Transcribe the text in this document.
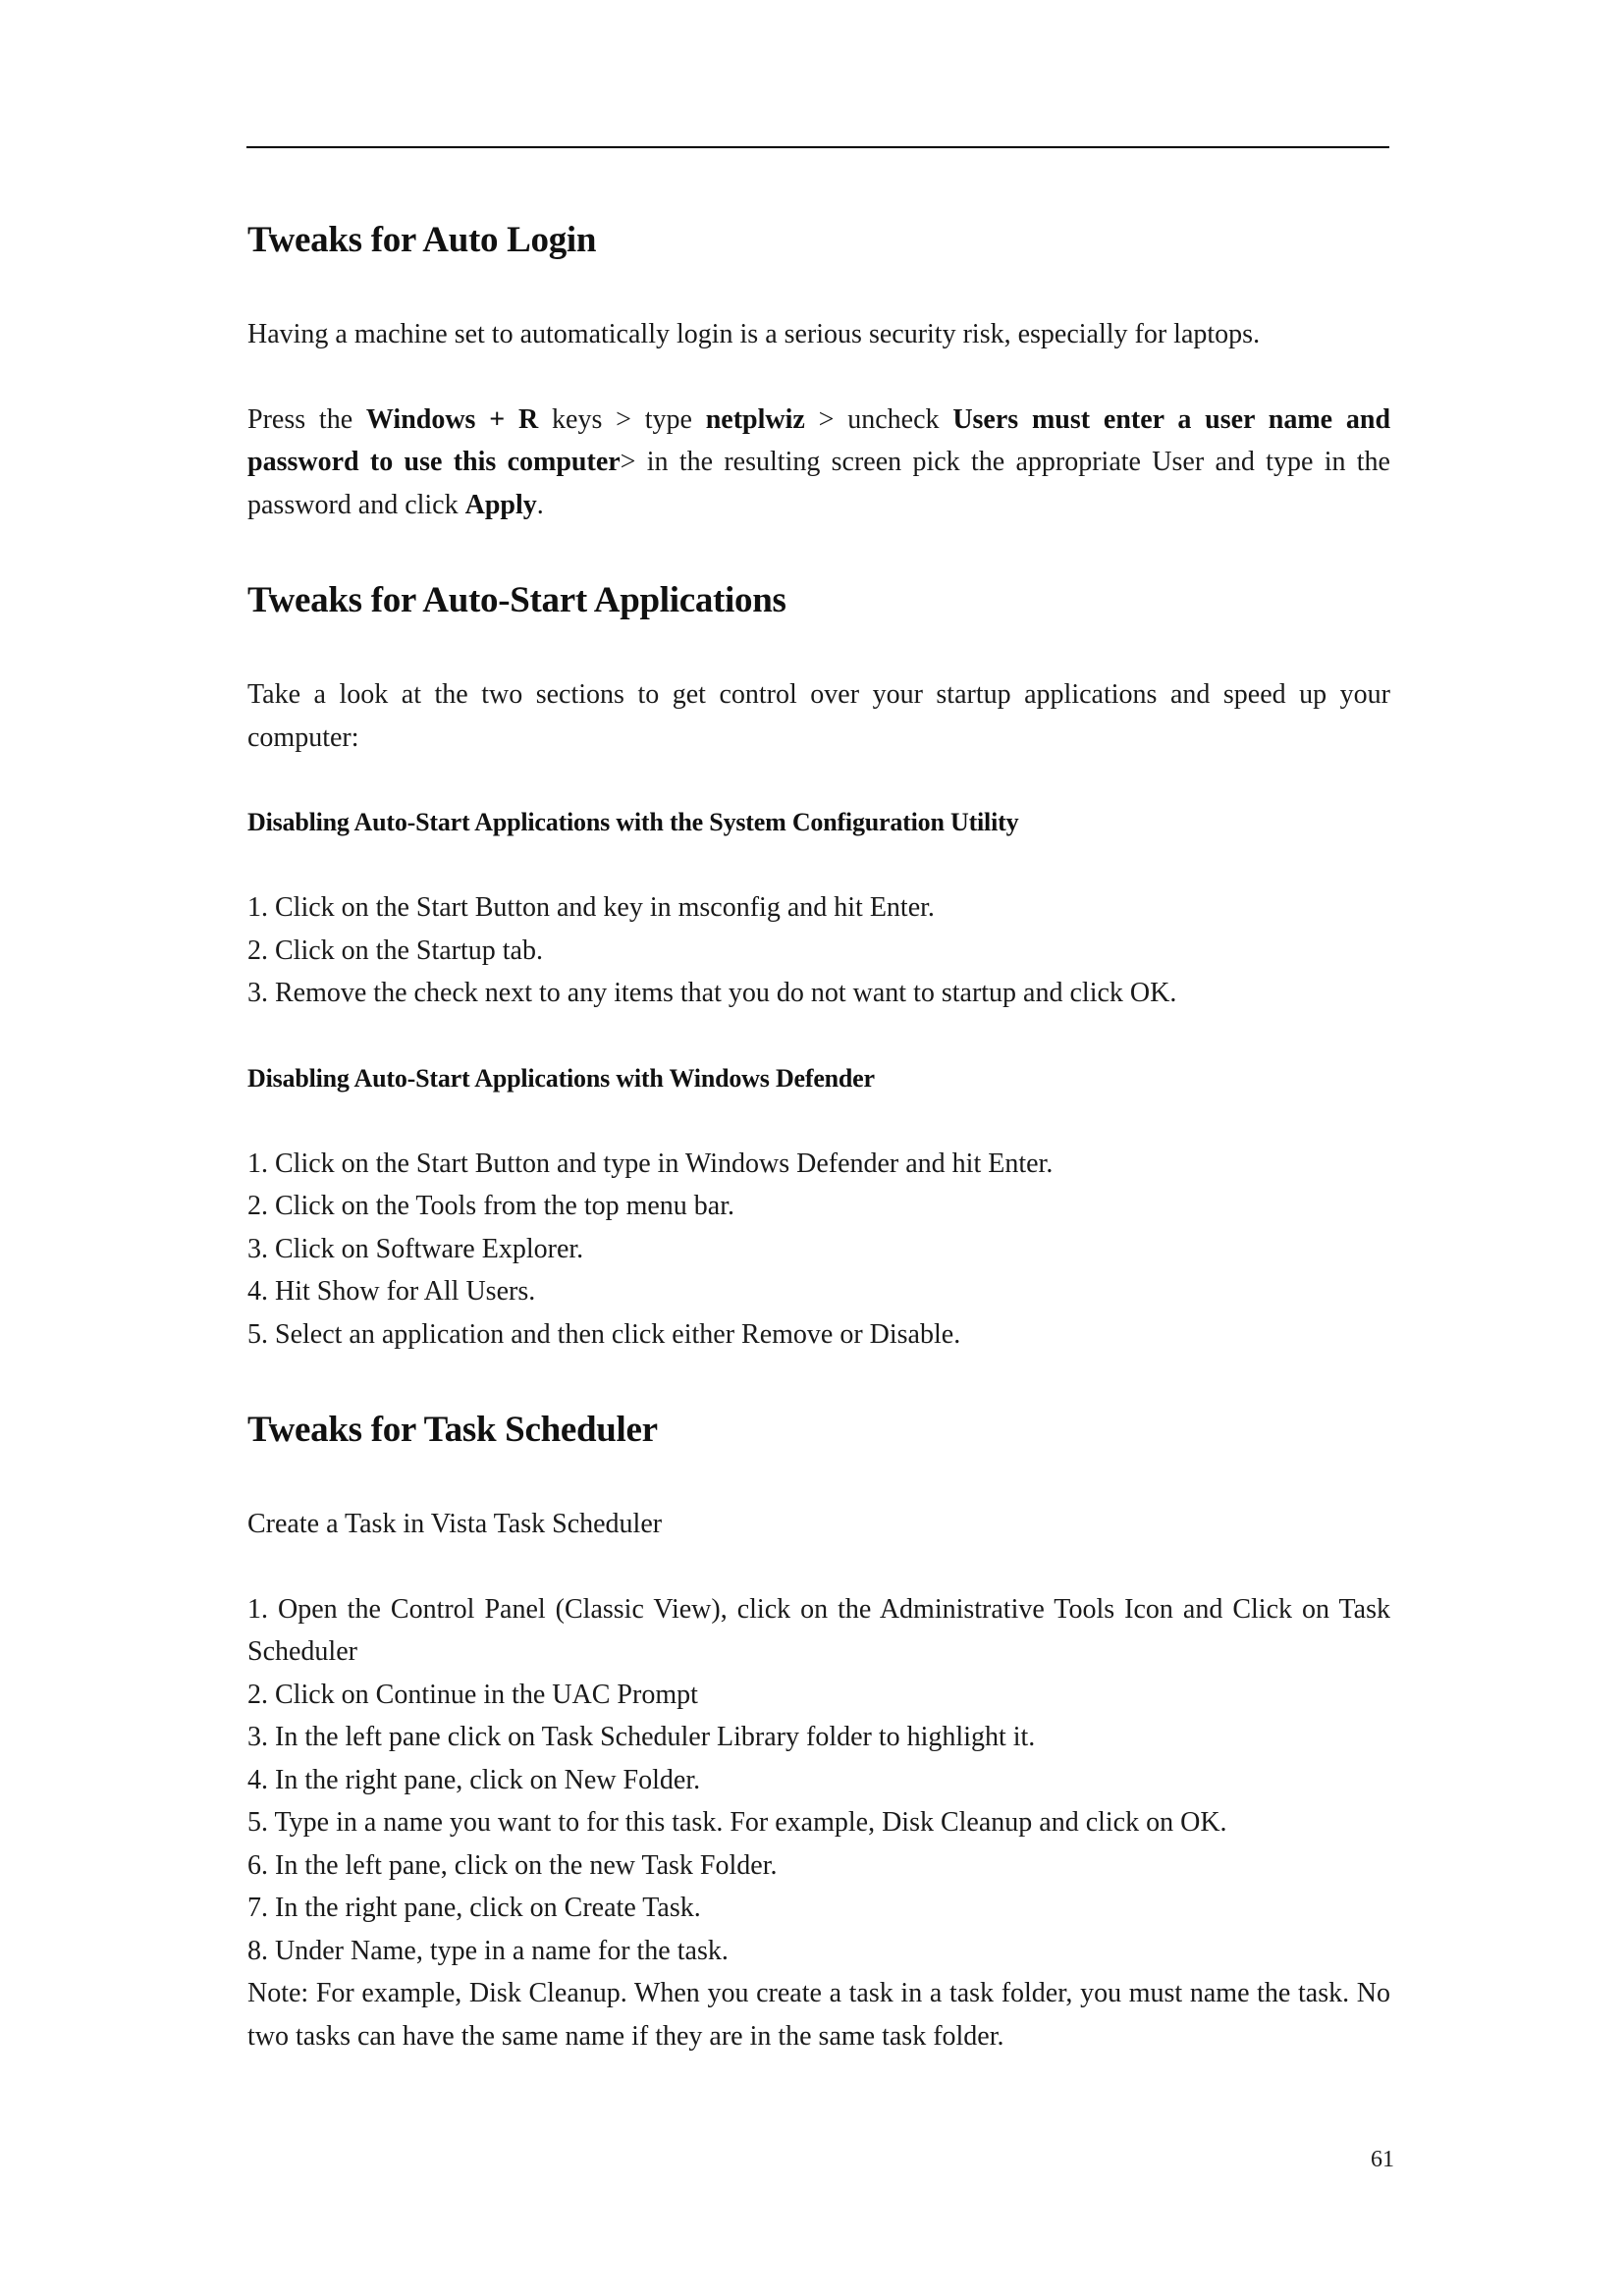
Tweaks for Auto Login

Having a machine set to automatically login is a serious security risk, especially for laptops.

Press the Windows + R keys > type netplwiz > uncheck Users must enter a user name and password to use this computer> in the resulting screen pick the appropriate User and type in the password and click Apply.

Tweaks for Auto-Start Applications

Take a look at the two sections to get control over your startup applications and speed up your computer:

Disabling Auto-Start Applications with the System Configuration Utility
1. Click on the Start Button and key in msconfig and hit Enter.
2. Click on the Startup tab.
3. Remove the check next to any items that you do not want to startup and click OK.
Disabling Auto-Start Applications with Windows Defender
1. Click on the Start Button and type in Windows Defender and hit Enter.
2. Click on the Tools from the top menu bar.
3. Click on Software Explorer.
4. Hit Show for All Users.
5. Select an application and then click either Remove or Disable.
Tweaks for Task Scheduler

Create a Task in Vista Task Scheduler

1. Open the Control Panel (Classic View), click on the Administrative Tools Icon and Click on Task Scheduler
2. Click on Continue in the UAC Prompt
3. In the left pane click on Task Scheduler Library folder to highlight it.
4. In the right pane, click on New Folder.
5. Type in a name you want to for this task. For example, Disk Cleanup and click on OK.
6. In the left pane, click on the new Task Folder.
7. In the right pane, click on Create Task.
8. Under Name, type in a name for the task.
Note: For example, Disk Cleanup. When you create a task in a task folder, you must name the task. No two tasks can have the same name if they are in the same task folder.
61
